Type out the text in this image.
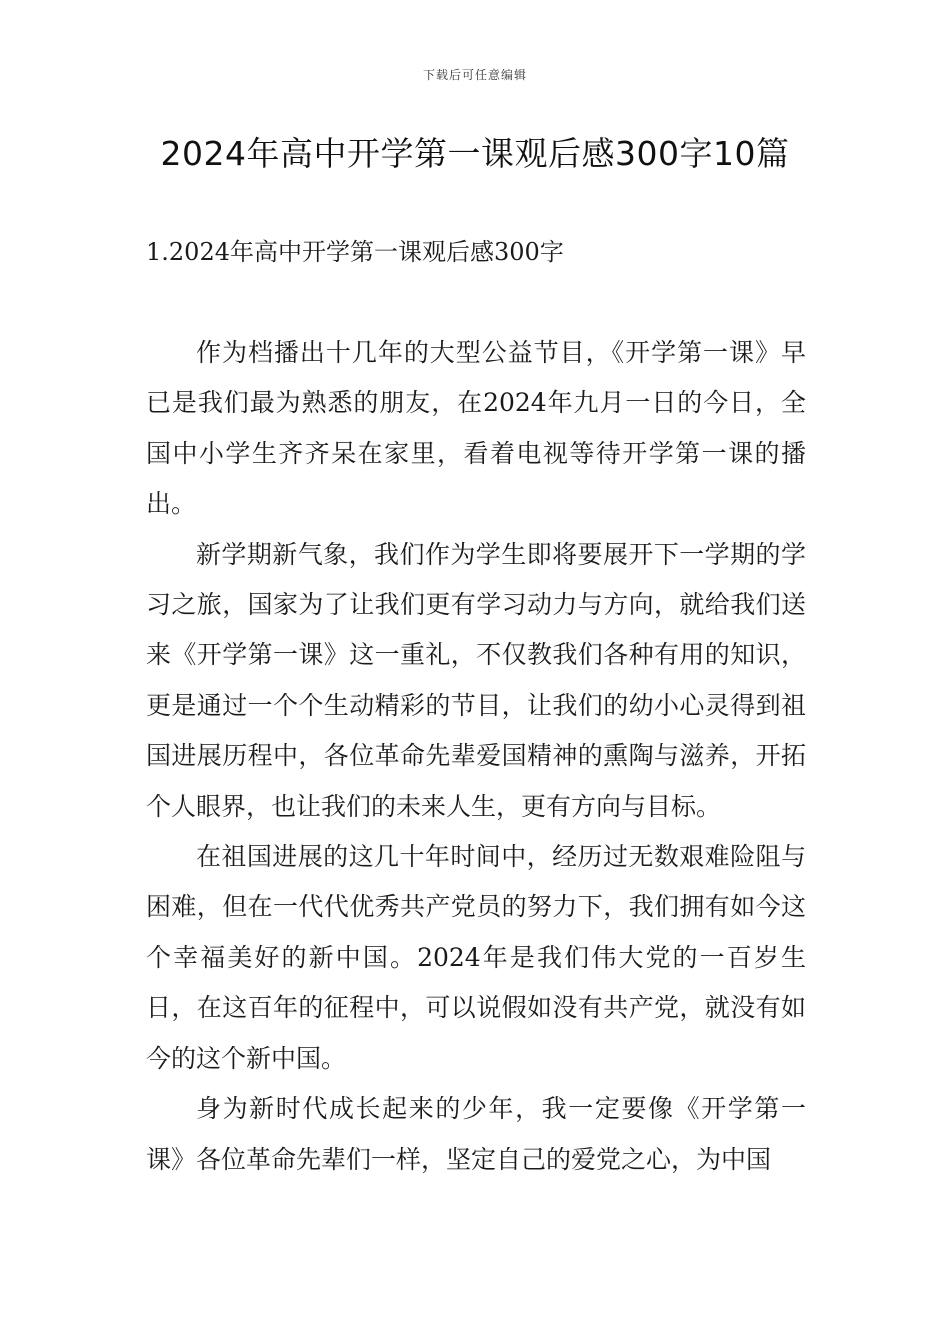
下载后可任意编辑
2024年高中开学第一课观后感300字10篇
1.2024年高中开学第一课观后感300字

作为档播出十几年的大型公益节目，《开学第一课》早已是我们最为熟悉的朋友，在2024年九月一日的今日，全国中小学生齐齐呆在家里，看着电视等待开学第一课的播出。

新学期新气象，我们作为学生即将要展开下一学期的学习之旅，国家为了让我们更有学习动力与方向，就给我们送来《开学第一课》这一重礼，不仅教我们各种有用的知识，更是通过一个个生动精彩的节目，让我们的幼小心灵得到祖国进展历程中，各位革命先辈爱国精神的熏陶与滋养，开拓个人眼界，也让我们的未来人生，更有方向与目标。

在祖国进展的这几十年时间中，经历过无数艰难险阻与困难，但在一代代优秀共产党员的努力下，我们拥有如今这个幸福美好的新中国。2024年是我们伟大党的一百岁生日，在这百年的征程中，可以说假如没有共产党，就没有如今的这个新中国。

身为新时代成长起来的少年，我一定要像《开学第一课》各位革命先辈们一样，坚定自己的爱党之心，为中国
